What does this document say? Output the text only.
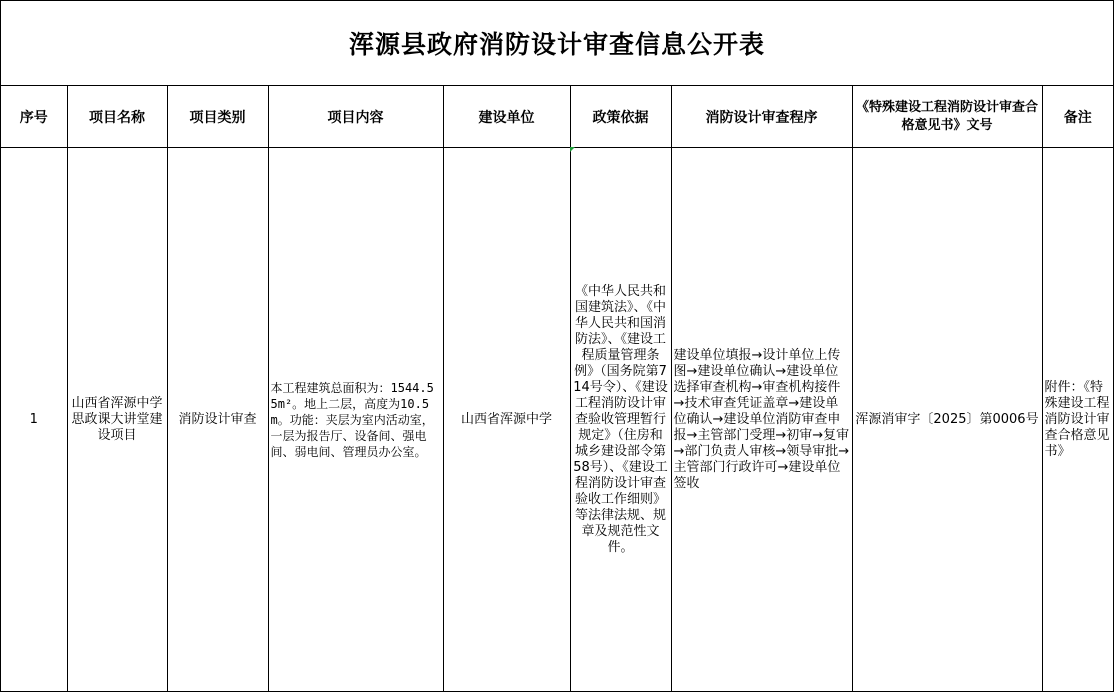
浑源县政府消防设计审查信息公开表
序号	项目名称	项目类别	项目内容	建设单位	政策依据	消防设计审查程序	《特殊建设工程消防设计审查合格意见书》文号	备注
1	山西省浑源中学思政课大讲堂建设项目	消防设计审查	本工程建筑总面积为：1544.55m²。地上二层，高度为10.5m。功能：夹层为室内活动室，一层为报告厅、设备间、强电间、弱电间、管理员办公室。	山西省浑源中学	《中华人民共和国建筑法》、《中华人民共和国消防法》、《建设工程质量管理条例》（国务院第714号令）、《建设工程消防设计审查验收管理暂行规定》（住房和城乡建设部令第58号）、《建设工程消防设计审查验收工作细则》等法律法规、规章及规范性文件。	建设单位填报→设计单位上传图→建设单位确认→建设单位选择审查机构→审查机构接件→技术审查凭证盖章→建设单位确认→建设单位消防审查申报→主管部门受理→初审→复审→部门负责人审核→领导审批→主管部门行政许可→建设单位签收	浑源消审字〔2025〕第0006号	附件：《特殊建设工程消防设计审查合格意见书》
